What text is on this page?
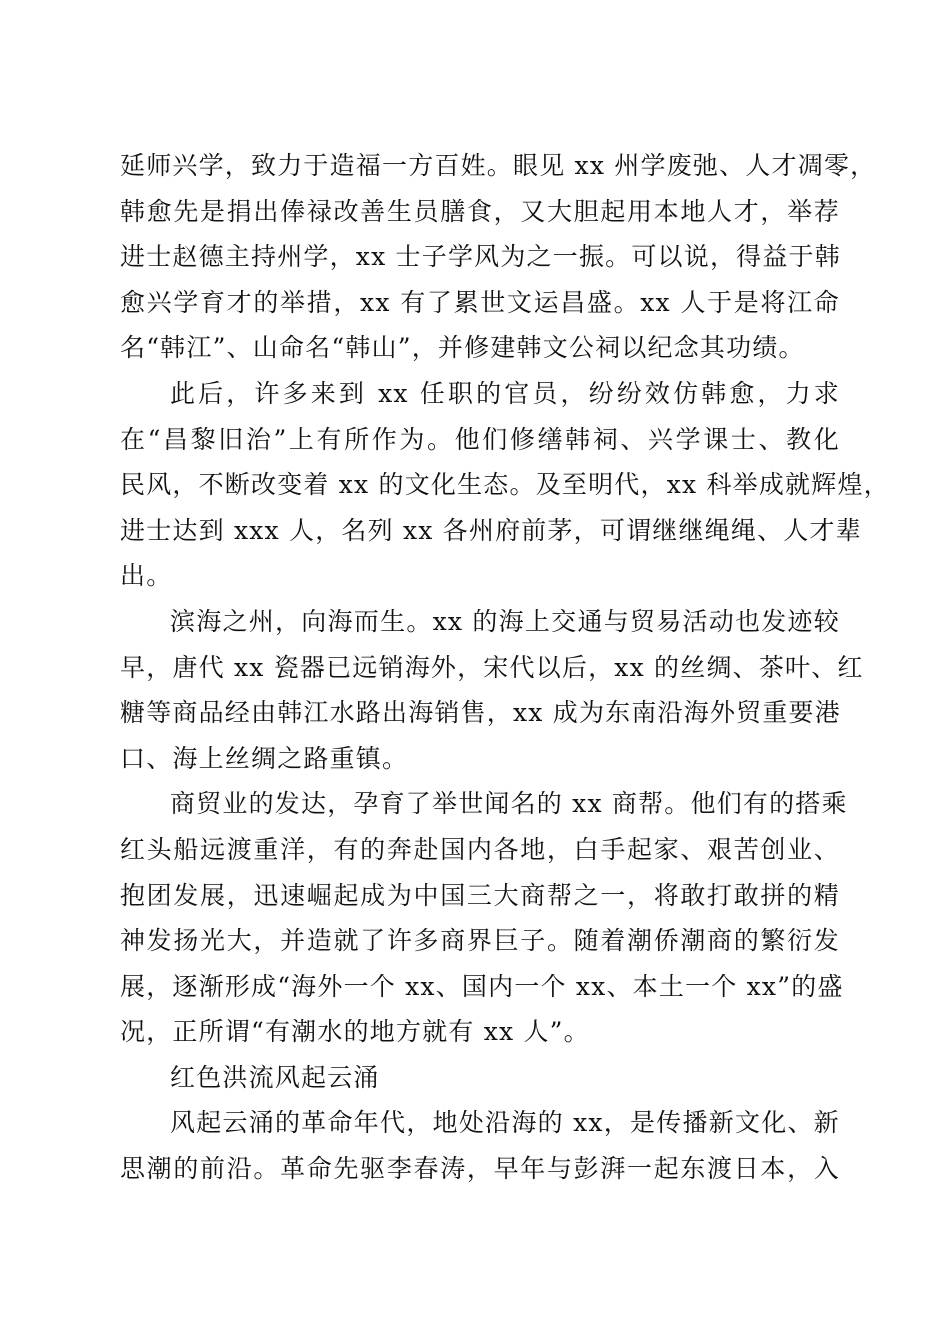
延师兴学，致力于造福一方百姓。眼见 xx 州学废弛、人才凋零，
韩愈先是捐出俸禄改善生员膳食，又大胆起用本地人才，举荐
进士赵德主持州学，xx 士子学风为之一振。可以说，得益于韩
愈兴学育才的举措，xx 有了累世文运昌盛。xx 人于是将江命
名“韩江”、山命名“韩山”，并修建韩文公祠以纪念其功绩。
此后，许多来到 xx 任职的官员，纷纷效仿韩愈，力求
在“昌黎旧治”上有所作为。他们修缮韩祠、兴学课士、教化
民风，不断改变着 xx 的文化生态。及至明代，xx 科举成就辉煌，
进士达到 xxx 人，名列 xx 各州府前茅，可谓继继绳绳、人才辈
出。
滨海之州，向海而生。xx 的海上交通与贸易活动也发迹较
早，唐代 xx 瓷器已远销海外，宋代以后，xx 的丝绸、茶叶、红
糖等商品经由韩江水路出海销售，xx 成为东南沿海外贸重要港
口、海上丝绸之路重镇。
商贸业的发达，孕育了举世闻名的 xx 商帮。他们有的搭乘
红头船远渡重洋，有的奔赴国内各地，白手起家、艰苦创业、
抱团发展，迅速崛起成为中国三大商帮之一，将敢打敢拼的精
神发扬光大，并造就了许多商界巨子。随着潮侨潮商的繁衍发
展，逐渐形成“海外一个 xx、国内一个 xx、本土一个 xx”的盛
况，正所谓“有潮水的地方就有 xx 人”。
红色洪流风起云涌
风起云涌的革命年代，地处沿海的 xx，是传播新文化、新
思潮的前沿。革命先驱李春涛，早年与彭湃一起东渡日本，入
